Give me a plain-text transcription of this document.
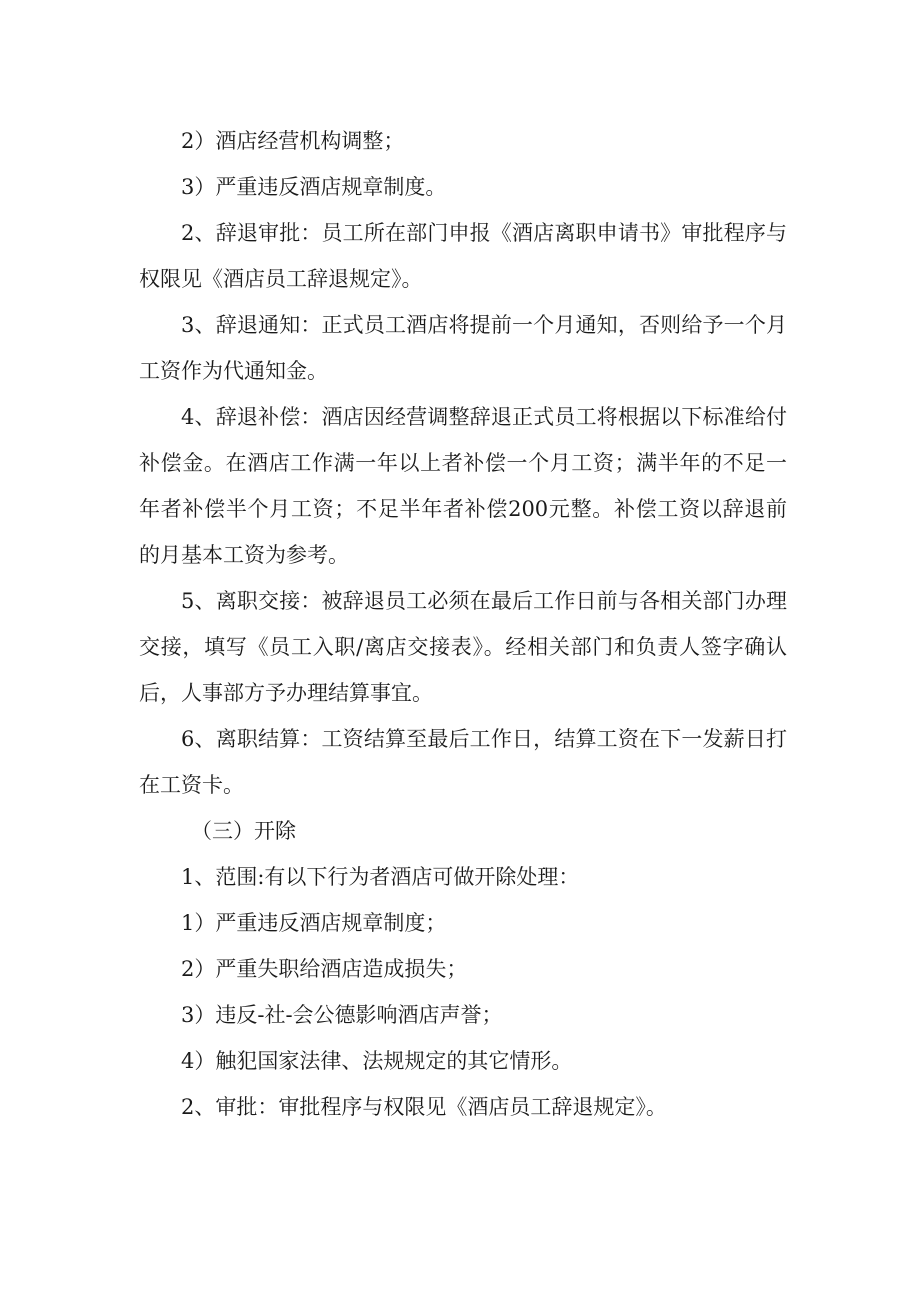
2）酒店经营机构调整；

3）严重违反酒店规章制度。

2、辞退审批：员工所在部门申报《酒店离职申请书》审批程序与权限见《酒店员工辞退规定》。

3、辞退通知：正式员工酒店将提前一个月通知，否则给予一个月工资作为代通知金。

4、辞退补偿：酒店因经营调整辞退正式员工将根据以下标准给付补偿金。在酒店工作满一年以上者补偿一个月工资；满半年的不足一年者补偿半个月工资；不足半年者补偿200元整。补偿工资以辞退前的月基本工资为参考。

5、离职交接：被辞退员工必须在最后工作日前与各相关部门办理交接，填写《员工入职/离店交接表》。经相关部门和负责人签字确认后，人事部方予办理结算事宜。

6、离职结算：工资结算至最后工作日，结算工资在下一发薪日打在工资卡。

（三）开除

1、范围:有以下行为者酒店可做开除处理：

1）严重违反酒店规章制度；

2）严重失职给酒店造成损失；

3）违反-社-会公德影响酒店声誉；

4）触犯国家法律、法规规定的其它情形。

2、审批：审批程序与权限见《酒店员工辞退规定》。
